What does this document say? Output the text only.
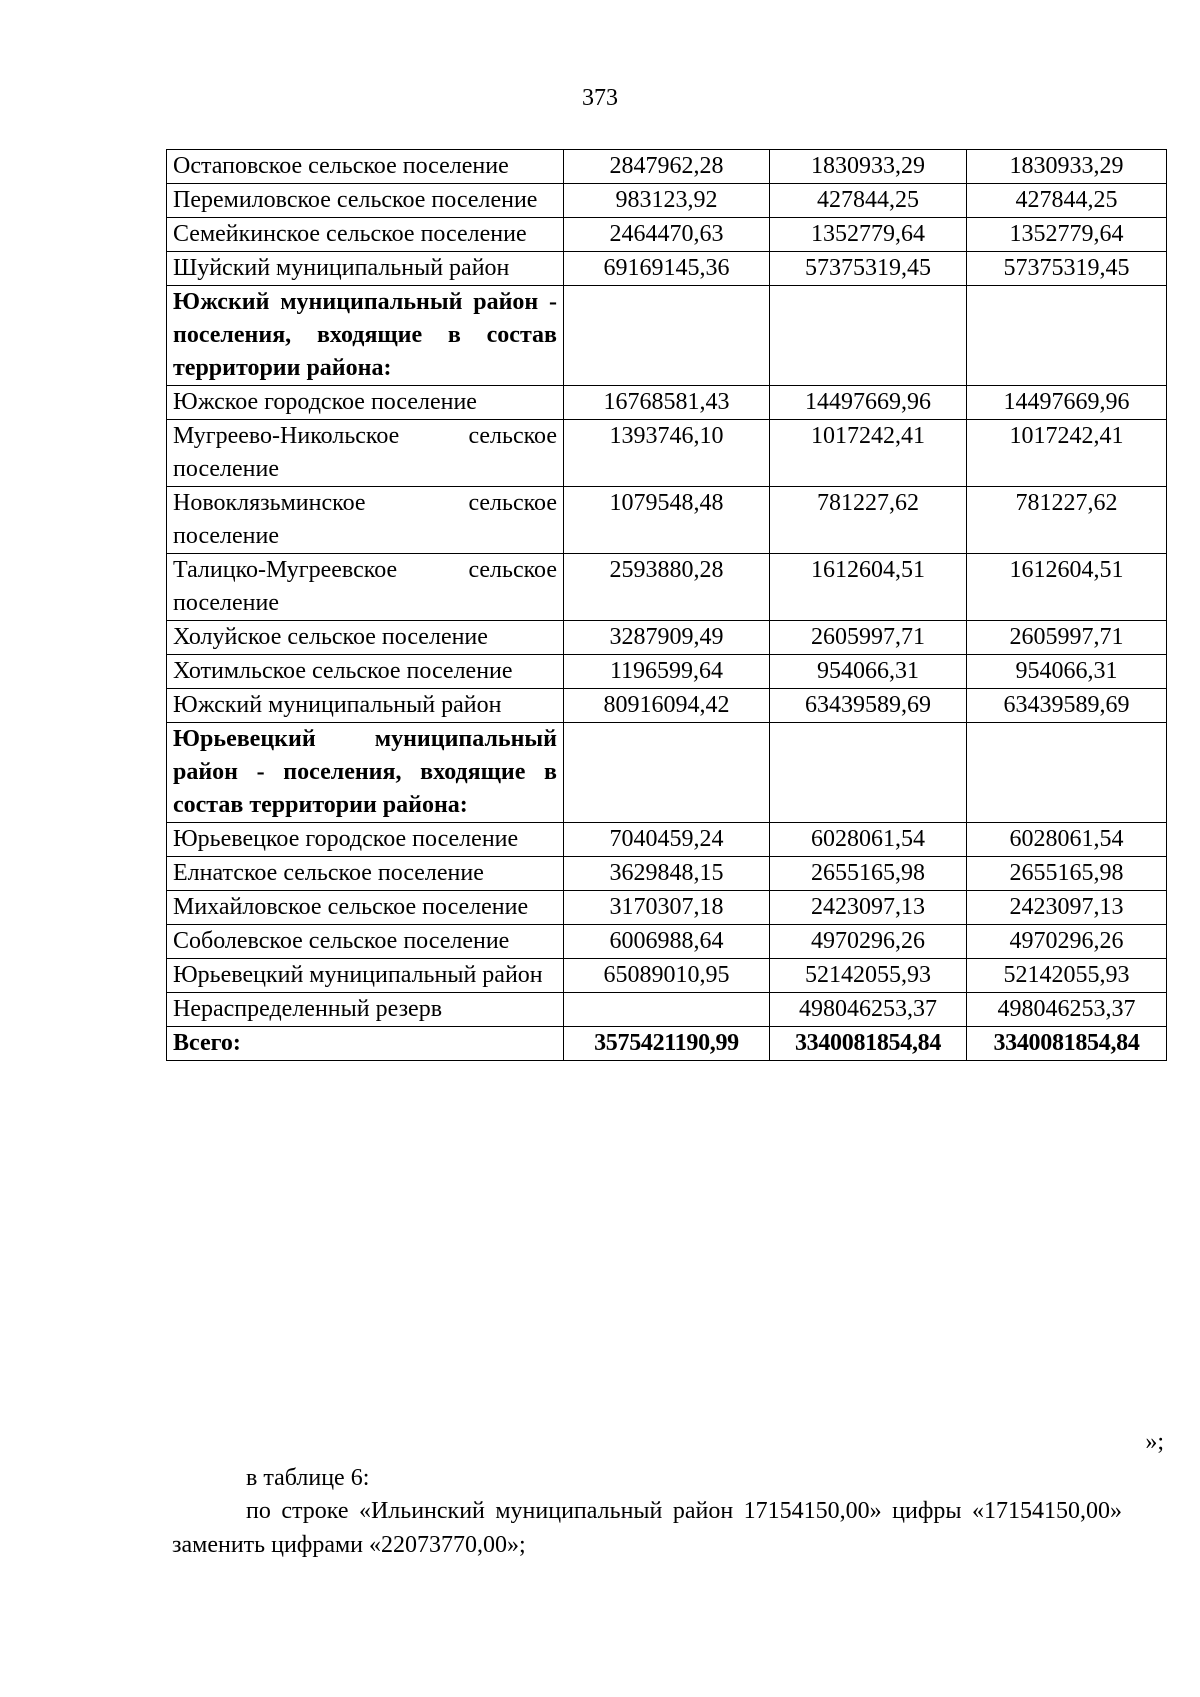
373
Остаповское сельское поселение	2847962,28	1830933,29	1830933,29
Перемиловское сельское поселение	983123,92	427844,25	427844,25
Семейкинское сельское поселение	2464470,63	1352779,64	1352779,64
Шуйский муниципальный район	69169145,36	57375319,45	57375319,45
Южский муниципальный район - поселения, входящие в состав территории района:			
Южское городское поселение	16768581,43	14497669,96	14497669,96
Мугреево-Никольское сельское поселение	1393746,10	1017242,41	1017242,41
Новоклязьминское сельское поселение	1079548,48	781227,62	781227,62
Талицко-Мугреевское сельское поселение	2593880,28	1612604,51	1612604,51
Холуйское сельское поселение	3287909,49	2605997,71	2605997,71
Хотимльское сельское поселение	1196599,64	954066,31	954066,31
Южский муниципальный район	80916094,42	63439589,69	63439589,69
Юрьевецкий муниципальный район - поселения, входящие в состав территории района:			
Юрьевецкое городское поселение	7040459,24	6028061,54	6028061,54
Елнатское сельское поселение	3629848,15	2655165,98	2655165,98
Михайловское сельское поселение	3170307,18	2423097,13	2423097,13
Соболевское сельское поселение	6006988,64	4970296,26	4970296,26
Юрьевецкий муниципальный район	65089010,95	52142055,93	52142055,93
Нераспределенный резерв		498046253,37	498046253,37
Всего:	3575421190,99	3340081854,84	3340081854,84
»;
в таблице 6:
по строке «Ильинский муниципальный район 17154150,00» цифры «17154150,00» заменить цифрами «22073770,00»;
